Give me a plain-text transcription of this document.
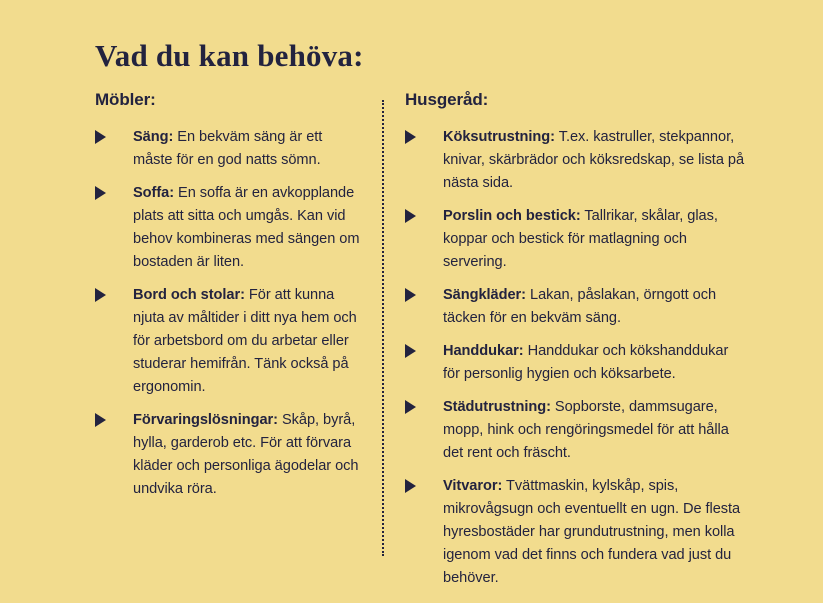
Vad du kan behöva:
Möbler:
Säng: En bekväm säng är ett måste för en god natts sömn.
Soffa: En soffa är en avkopplande plats att sitta och umgås. Kan vid behov kombineras med sängen om bostaden är liten.
Bord och stolar: För att kunna njuta av måltider i ditt nya hem och för arbetsbord om du arbetar eller studerar hemifrån. Tänk också på ergonomin.
Förvaringslösningar: Skåp, byrå, hylla, garderob etc. För att förvara kläder och personliga ägodelar och undvika röra.
Husgeråd:
Köksutrustning: T.ex. kastruller, stekpannor, knivar, skärbrädor och köksredskap, se lista på nästa sida.
Porslin och bestick: Tallrikar, skålar, glas, koppar och bestick för matlagning och servering.
Sängkläder: Lakan, påslakan, örngott och täcken för en bekväm säng.
Handdukar: Handdukar och kökshanddukar för personlig hygien och köksarbete.
Städutrustning: Sopborste, dammsugare, mopp, hink och rengöringsmedel för att hålla det rent och fräscht.
Vitvaror: Tvättmaskin, kylskåp, spis, mikrovågsugn och eventuellt en ugn. De flesta hyresbostäder har grundutrustning, men kolla igenom vad det finns och fundera vad just du behöver.
